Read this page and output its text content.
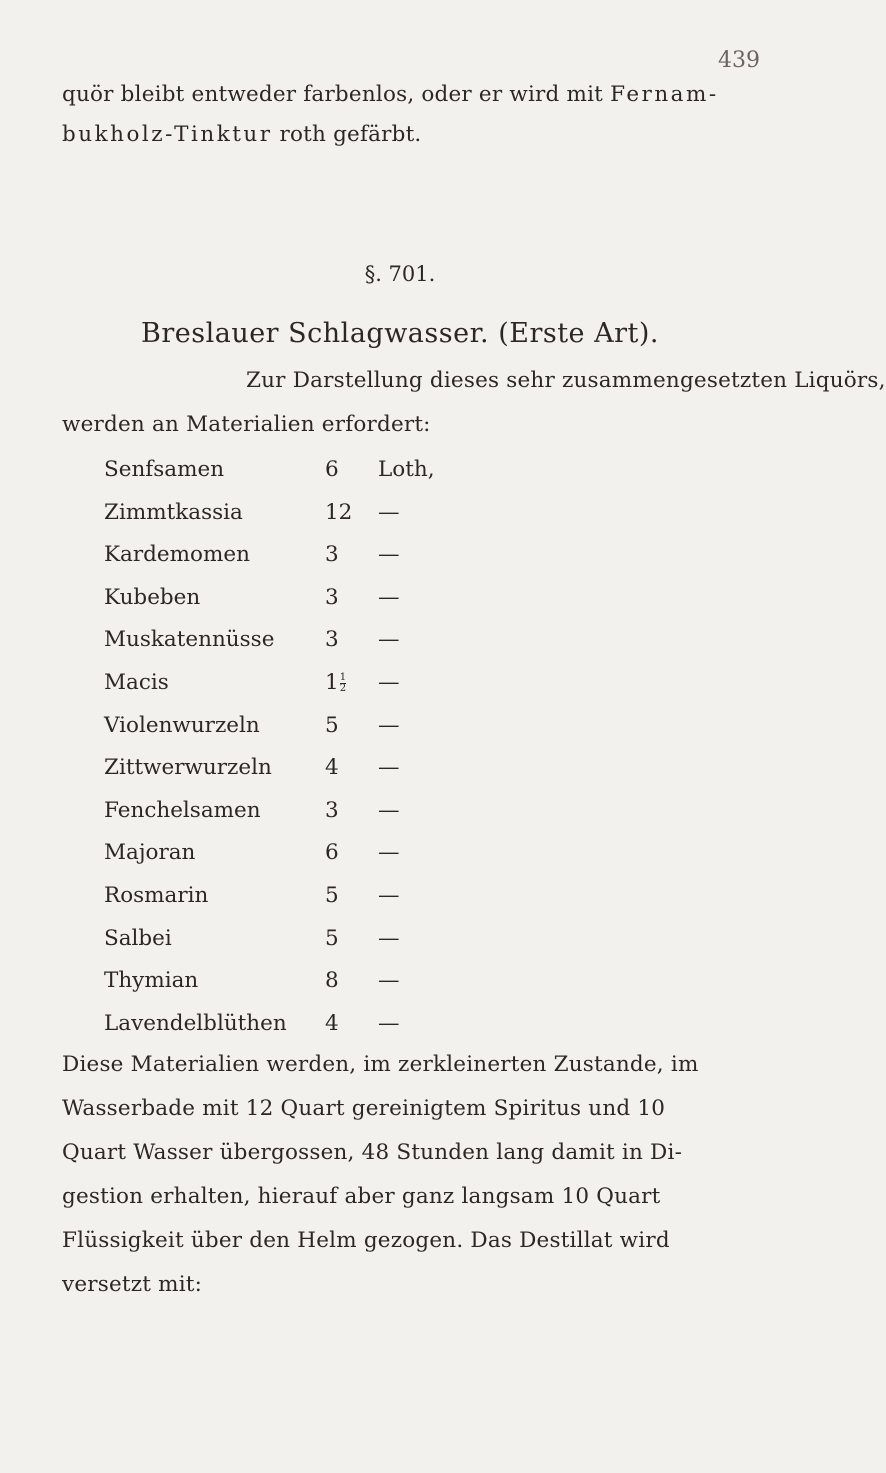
439
quör bleibt entweder farbenlos, oder er wird mit Fernam-
bukholz-Tinktur roth gefärbt.
§. 701.
Breslauer Schlagwasser. (Erste Art).
Zur Darstellung dieses sehr zusammengesetzten Liquörs,
werden an Materialien erfordert:
Senfsamen	6 Loth,
Zimmtkassia	12 —
Kardemomen	3 —
Kubeben	3 —
Muskatennüsse 3 —
Macis	$1 \frac{1}{2}$ —
Violenwurzeln	5 —
Zittwerwurzeln 4 —
Fenchelsamen	3 —
Majoran	6 —
Rosmarin	5 —
Salbei	5 —
Thymian	8 —
Lavendelblüthen 4 —
Diese Materialien werden, im zerkleinerten Zustande, im
Wasserbade mit 12 Quart gereinigtem Spiritus und 10
Quart Wasser übergossen, 48 Stunden lang damit in Di-
gestion erhalten, hierauf aber ganz langsam 10 Quart
Flüssigkeit über den Helm gezogen. Das Destillat wird
versetzt mit:
